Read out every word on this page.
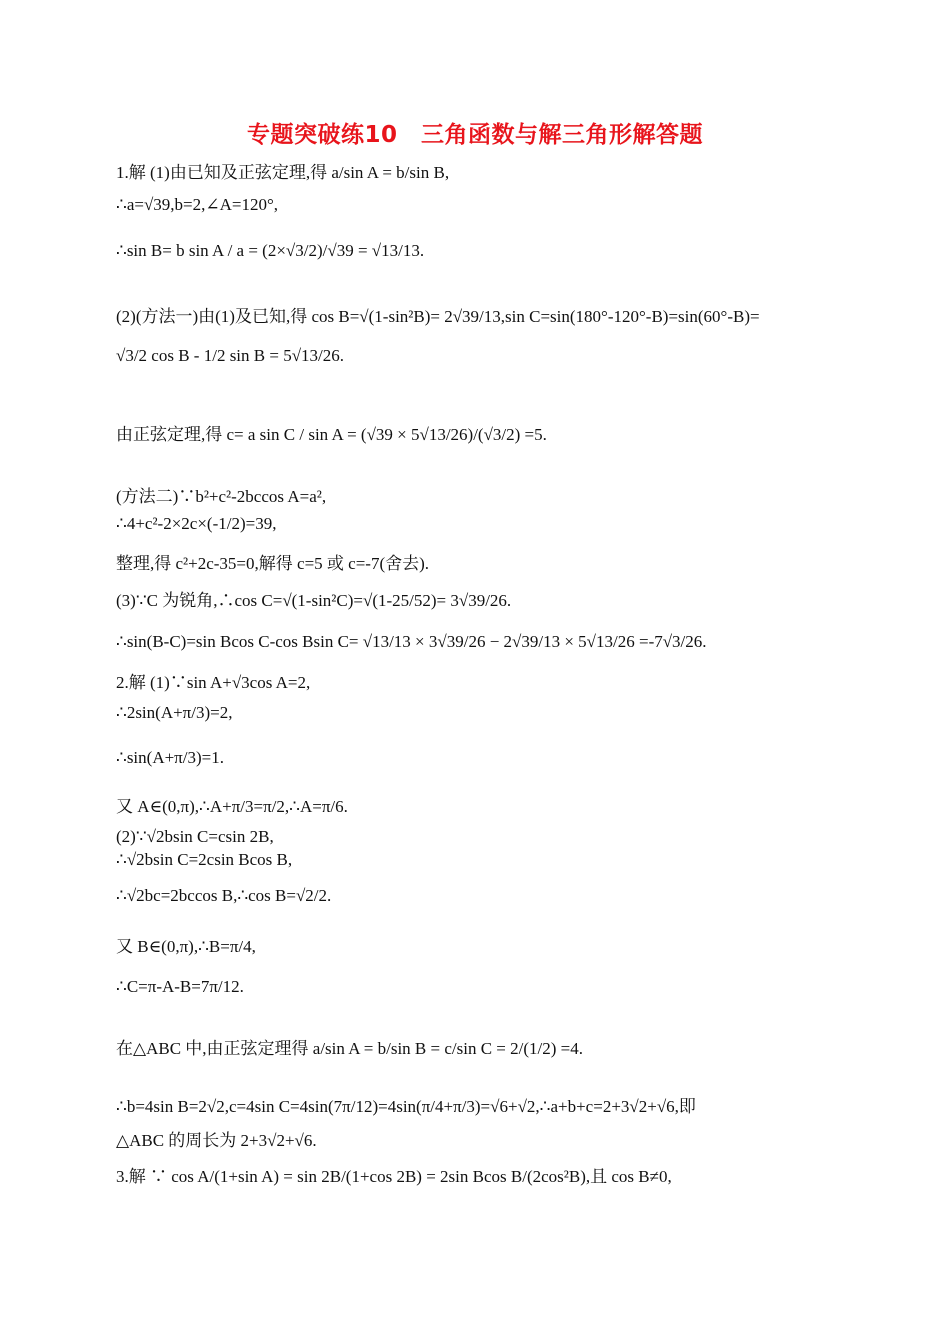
专题突破练10　三角函数与解三角形解答题
1.解 (1)由已知及正弦定理,得 a/sin A = b/sin B,
∴a=√39,b=2,∠A=120°,
∴sin B= b sin A / a = (2×√3/2)/√39 = √13/13.
(2)(方法一)由(1)及已知,得 cos B=√(1-sin²B)= 2√39/13,sin C=sin(180°-120°-B)=sin(60°-B)=
√3/2 cos B - 1/2 sin B = 5√13/26.
由正弦定理,得 c= a sin C / sin A = (√39 × 5√13/26)/(√3/2) =5.
(方法二)∵b²+c²-2bccos A=a²,
∴4+c²-2×2c×(-1/2)=39,
整理,得 c²+2c-35=0,解得 c=5 或 c=-7(舍去).
(3)∵C 为锐角,∴cos C=√(1-sin²C)=√(1-25/52)= 3√39/26.
∴sin(B-C)=sin Bcos C-cos Bsin C= √13/13 × 3√39/26 − 2√39/13 × 5√13/26 =-7√3/26.
2.解 (1)∵sin A+√3cos A=2,
∴2sin(A+π/3)=2,
∴sin(A+π/3)=1.
又 A∈(0,π),∴A+π/3=π/2,∴A=π/6.
(2)∵√2bsin C=csin 2B,
∴√2bsin C=2csin Bcos B,
∴√2bc=2bccos B,∴cos B=√2/2.
又 B∈(0,π),∴B=π/4,
∴C=π-A-B=7π/12.
在△ABC 中,由正弦定理得 a/sin A = b/sin B = c/sin C = 2/(1/2) =4.
∴b=4sin B=2√2,c=4sin C=4sin(7π/12)=4sin(π/4+π/3)=√6+√2,∴a+b+c=2+3√2+√6,即
△ABC 的周长为 2+3√2+√6.
3.解 ∵ cos A/(1+sin A) = sin 2B/(1+cos 2B) = 2sin Bcos B/(2cos²B),且 cos B≠0,
